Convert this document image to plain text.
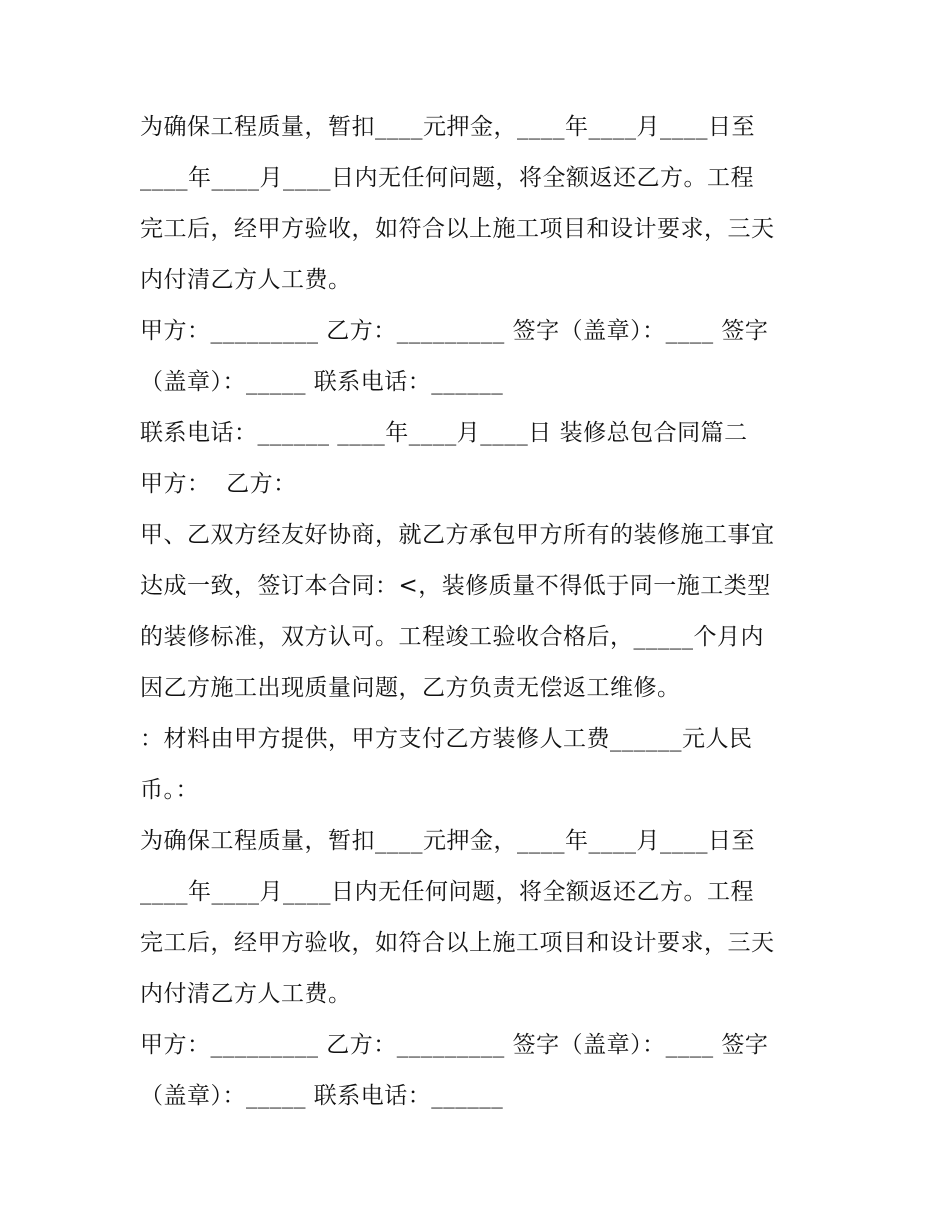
为确保工程质量，暂扣____元押金，____年____月____日至
____年____月____日内无任何问题，将全额返还乙方。工程
完工后，经甲方验收，如符合以上施工项目和设计要求，三天
内付清乙方人工费。
甲方：_________ 乙方：_________ 签字（盖章）：____ 签字
（盖章）：_____ 联系电话：______
联系电话：______ ____年____月____日 装修总包合同篇二
甲方：  乙方：
甲、乙双方经友好协商，就乙方承包甲方所有的装修施工事宜
达成一致，签订本合同：<，装修质量不得低于同一施工类型
的装修标准，双方认可。工程竣工验收合格后，_____个月内
因乙方施工出现质量问题，乙方负责无偿返工维修。
：材料由甲方提供，甲方支付乙方装修人工费______元人民
币。：
为确保工程质量，暂扣____元押金，____年____月____日至
____年____月____日内无任何问题，将全额返还乙方。工程
完工后，经甲方验收，如符合以上施工项目和设计要求，三天
内付清乙方人工费。
甲方：_________ 乙方：_________ 签字（盖章）：____ 签字
（盖章）：_____ 联系电话：______
